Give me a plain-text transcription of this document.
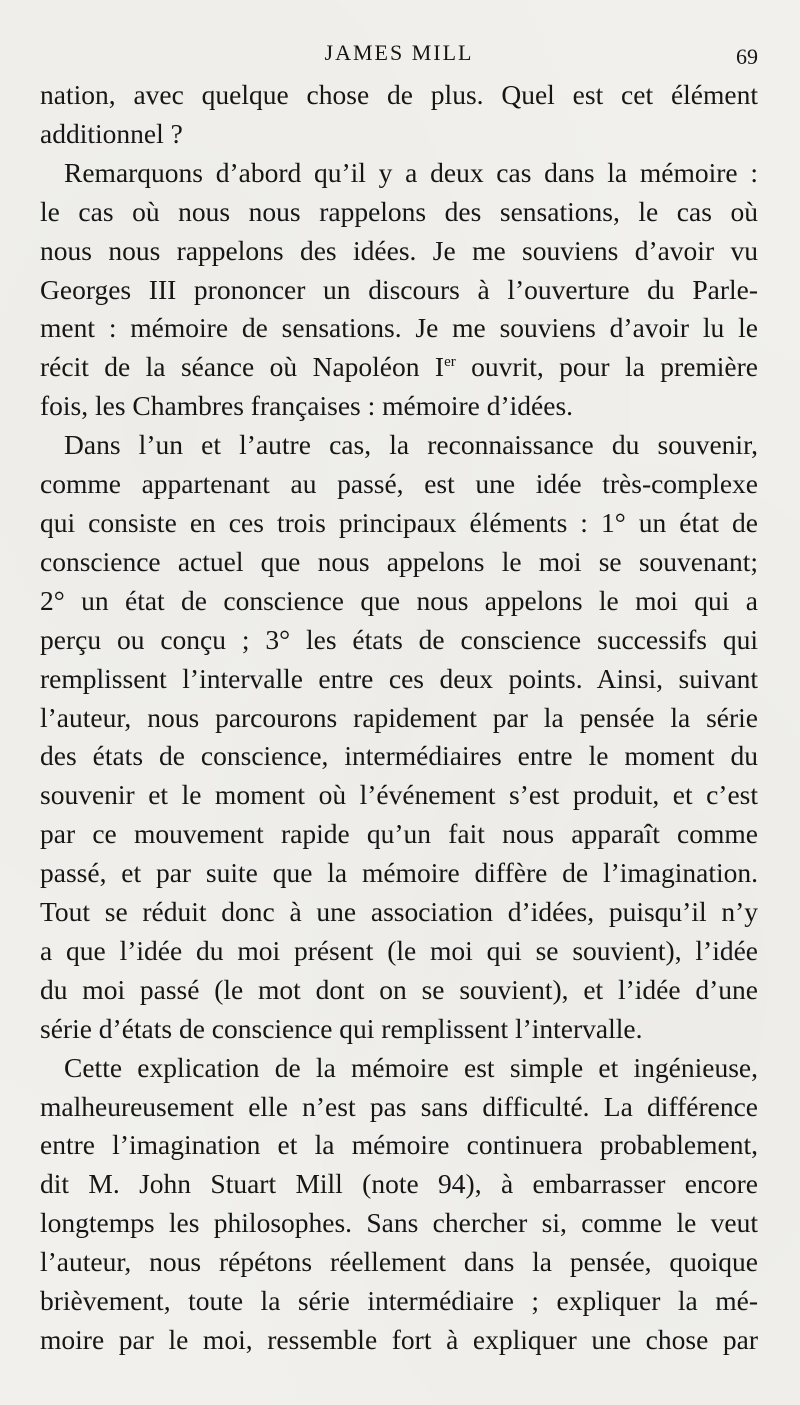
JAMES MILL	69
nation, avec quelque chose de plus. Quel est cet élément
additionnel ?
Remarquons d’abord qu’il y a deux cas dans la mémoire :
le cas où nous nous rappelons des sensations, le cas où
nous nous rappelons des idées. Je me souviens d’avoir vu
Georges III prononcer un discours à l’ouverture du Parle-
ment : mémoire de sensations. Je me souviens d’avoir lu le
récit de la séance où Napoléon Ier ouvrit, pour la première
fois, les Chambres françaises : mémoire d’idées.
Dans l’un et l’autre cas, la reconnaissance du souvenir,
comme appartenant au passé, est une idée très-complexe
qui consiste en ces trois principaux éléments : 1° un état de
conscience actuel que nous appelons le moi se souvenant;
2° un état de conscience que nous appelons le moi qui a
perçu ou conçu ; 3° les états de conscience successifs qui
remplissent l’intervalle entre ces deux points. Ainsi, suivant
l’auteur, nous parcourons rapidement par la pensée la série
des états de conscience, intermédiaires entre le moment du
souvenir et le moment où l’événement s’est produit, et c’est
par ce mouvement rapide qu’un fait nous apparaît comme
passé, et par suite que la mémoire diffère de l’imagination.
Tout se réduit donc à une association d’idées, puisqu’il n’y
a que l’idée du moi présent (le moi qui se souvient), l’idée
du moi passé (le mot dont on se souvient), et l’idée d’une
série d’états de conscience qui remplissent l’intervalle.
Cette explication de la mémoire est simple et ingénieuse,
malheureusement elle n’est pas sans difficulté. La différence
entre l’imagination et la mémoire continuera probablement,
dit M. John Stuart Mill (note 94), à embarrasser encore
longtemps les philosophes. Sans chercher si, comme le veut
l’auteur, nous répétons réellement dans la pensée, quoique
brièvement, toute la série intermédiaire ; expliquer la mé-
moire par le moi, ressemble fort à expliquer une chose par
